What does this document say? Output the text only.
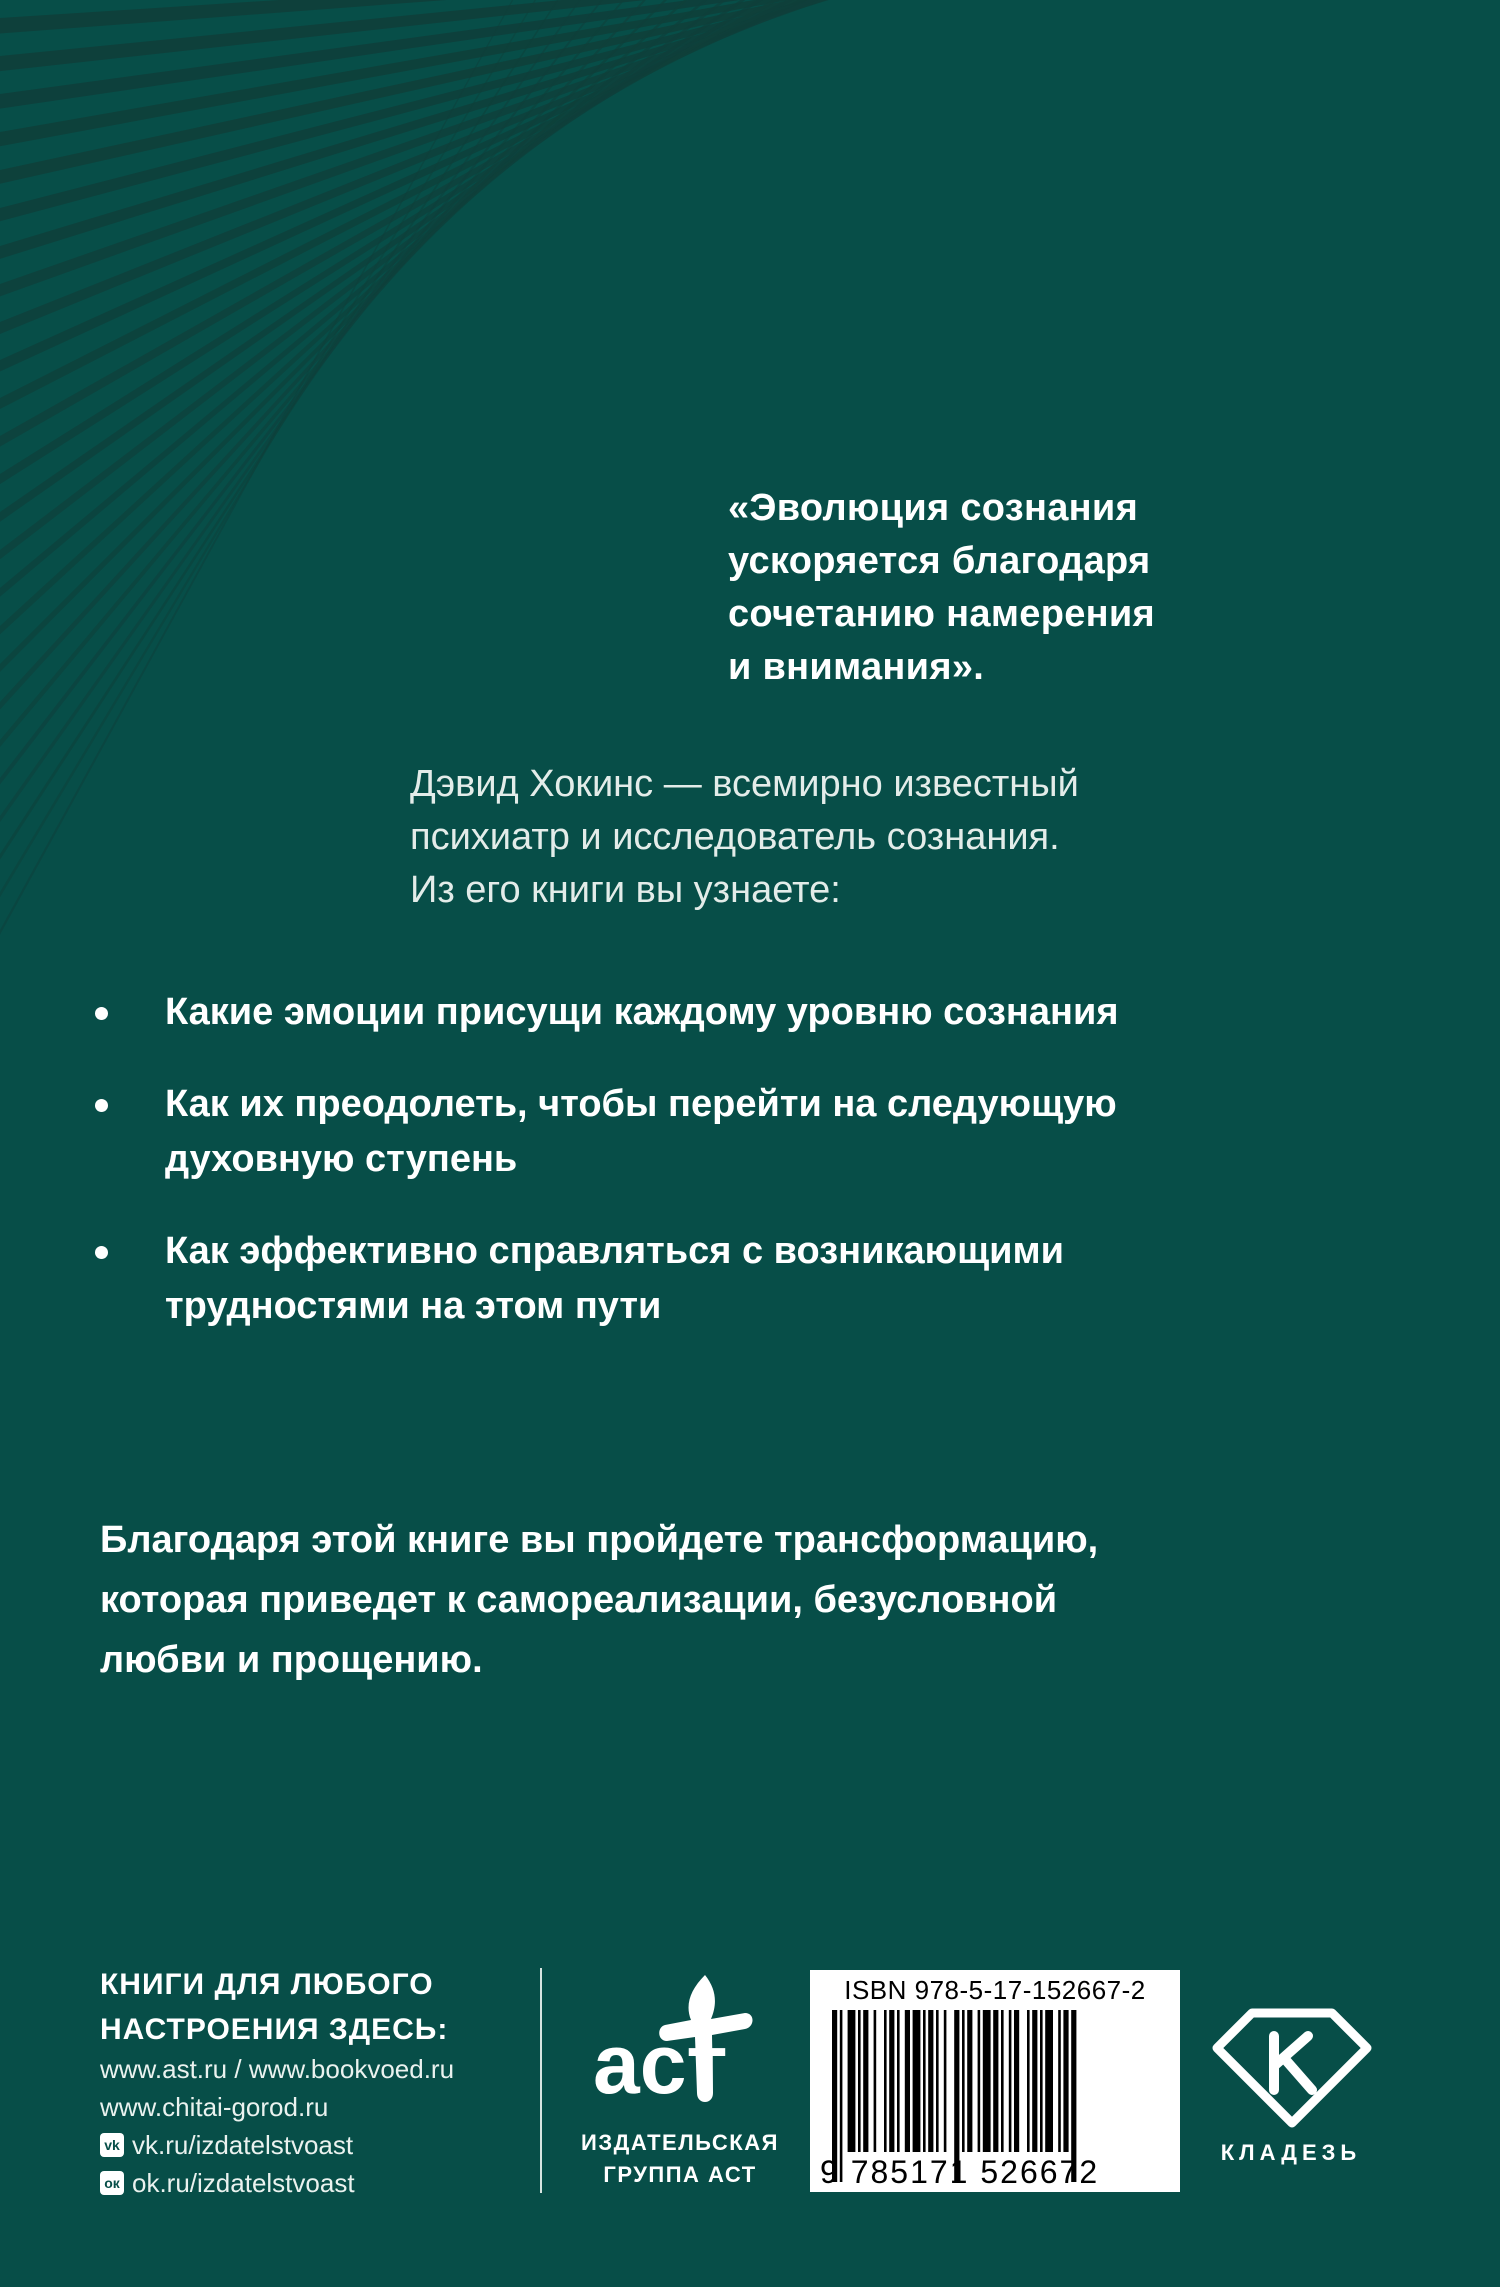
«Эволюция сознания
ускоряется благодаря
сочетанию намерения
и внимания».
Дэвид Хокинс — всемирно известный
психиатр и исследователь сознания.
Из его книги вы узнаете:
Какие эмоции присущи каждому уровню сознания
Как их преодолеть, чтобы перейти на следующую
духовную ступень
Как эффективно справляться с возникающими
трудностями на этом пути
Благодаря этой книге вы пройдете трансформацию,
которая приведет к самореализации, безусловной
любви и прощению.
КНИГИ ДЛЯ ЛЮБОГО
НАСТРОЕНИЯ ЗДЕСЬ:
www.ast.ru / www.bookvoed.ru
www.chitai-gorod.ru
vk vk.ru/izdatelstvoast
ок ok.ru/izdatelstvoast
аст
ИЗДАТЕЛЬСКАЯ
ГРУППА АСТ
ISBN 978-5-17-152667-2
9 785171 526672
КЛАДЕЗЬ
